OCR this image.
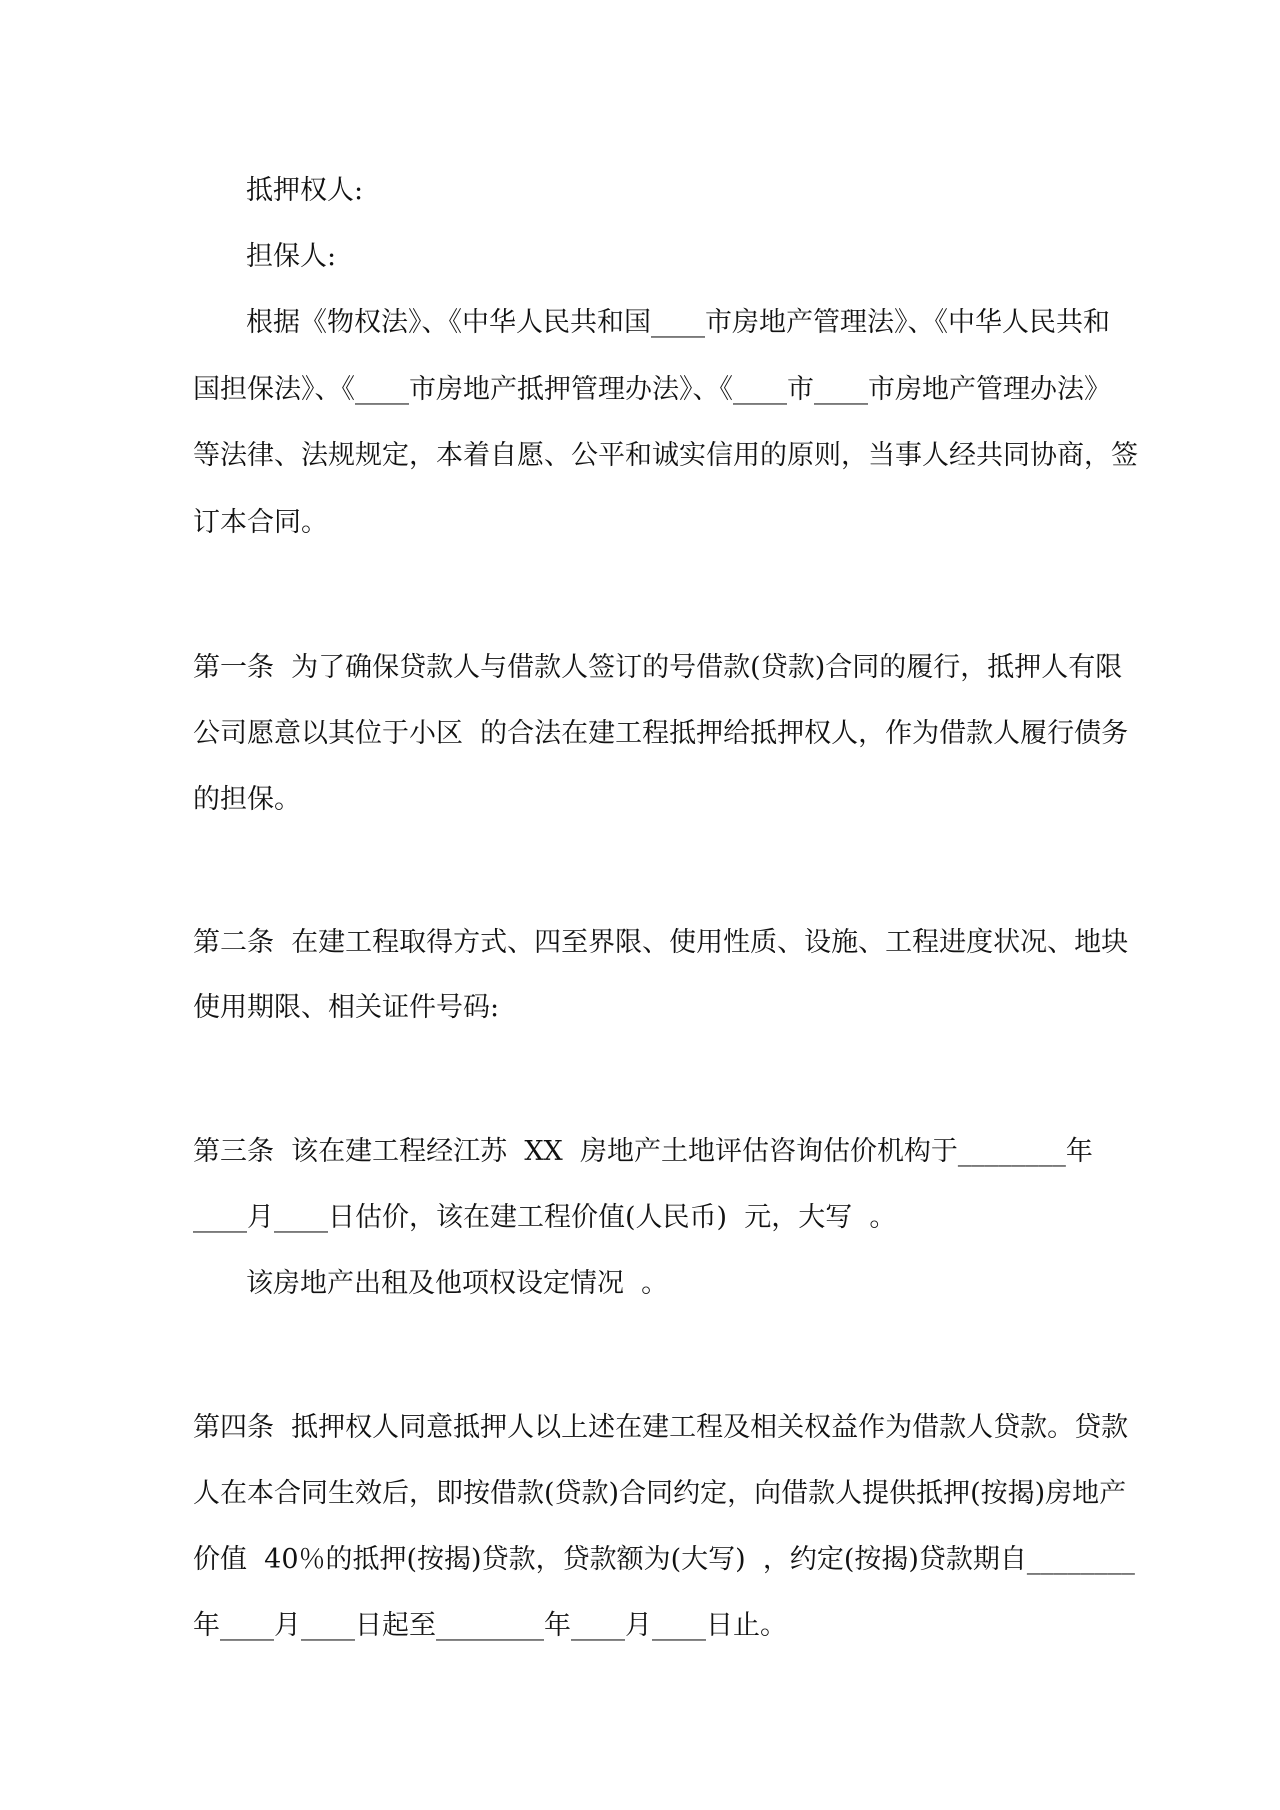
抵押权人:
担保人:
根据《物权法》、《中华人民共和国____市房地产管理法》、《中华人民共和
国担保法》、《____市房地产抵押管理办法》、《____市____市房地产管理办法》
等法律、法规规定，本着自愿、公平和诚实信用的原则，当事人经共同协商，签
订本合同。
第一条  为了确保贷款人与借款人签订的号借款(贷款)合同的履行，抵押人有限
公司愿意以其位于小区  的合法在建工程抵押给抵押权人，作为借款人履行债务
的担保。
第二条  在建工程取得方式、四至界限、使用性质、设施、工程进度状况、地块
使用期限、相关证件号码:
第三条  该在建工程经江苏  XX  房地产土地评估咨询估价机构于________年
____月____日估价，该在建工程价值(人民币)  元，大写  。
该房地产出租及他项权设定情况  。
第四条  抵押权人同意抵押人以上述在建工程及相关权益作为借款人贷款。贷款
人在本合同生效后，即按借款(贷款)合同约定，向借款人提供抵押(按揭)房地产
价值  40％的抵押(按揭)贷款，贷款额为(大写)  ，约定(按揭)贷款期自________
年____月____日起至________年____月____日止。
